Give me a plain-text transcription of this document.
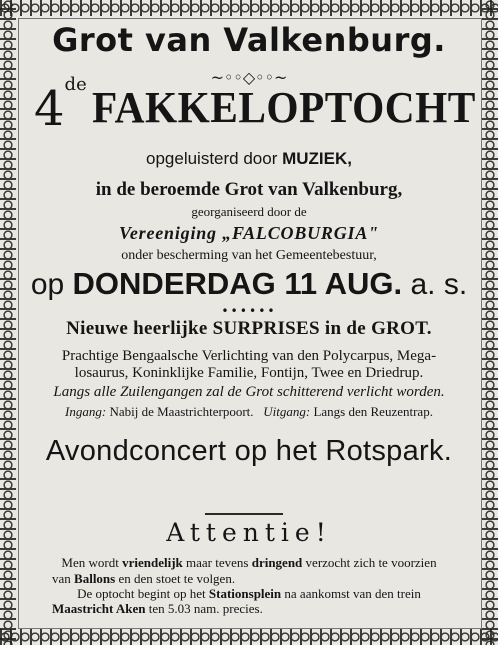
Grot van Valkenburg.
~◦◦◇◦◦~
4de FAKKELOPTOCHT
opgeluisterd door MUZIEK,
in de beroemde Grot van Valkenburg,
georganiseerd door de
Vereeniging „FALCOBURGIA"
onder bescherming van het Gemeentebestuur,
op DONDERDAG 11 AUG. a. s.
••••••
Nieuwe heerlijke SURPRISES in de GROT.
Prachtige Bengaalsche Verlichting van den Polycarpus, Mega-
losaurus, Koninklijke Familie, Fontijn, Twee en Driedrup.
Langs alle Zuilengangen zal de Grot schitterend verlicht worden.
Ingang: Nabij de Maastrichterpoort. Uitgang: Langs den Reuzentrap.
Avondconcert op het Rotspark.
Attentie!
Men wordt vriendelijk maar tevens dringend verzocht zich te voorzien
van Ballons en den stoet te volgen.
De optocht begint op het Stationsplein na aankomst van den trein
Maastricht Aken ten 5.03 nam. precies.
